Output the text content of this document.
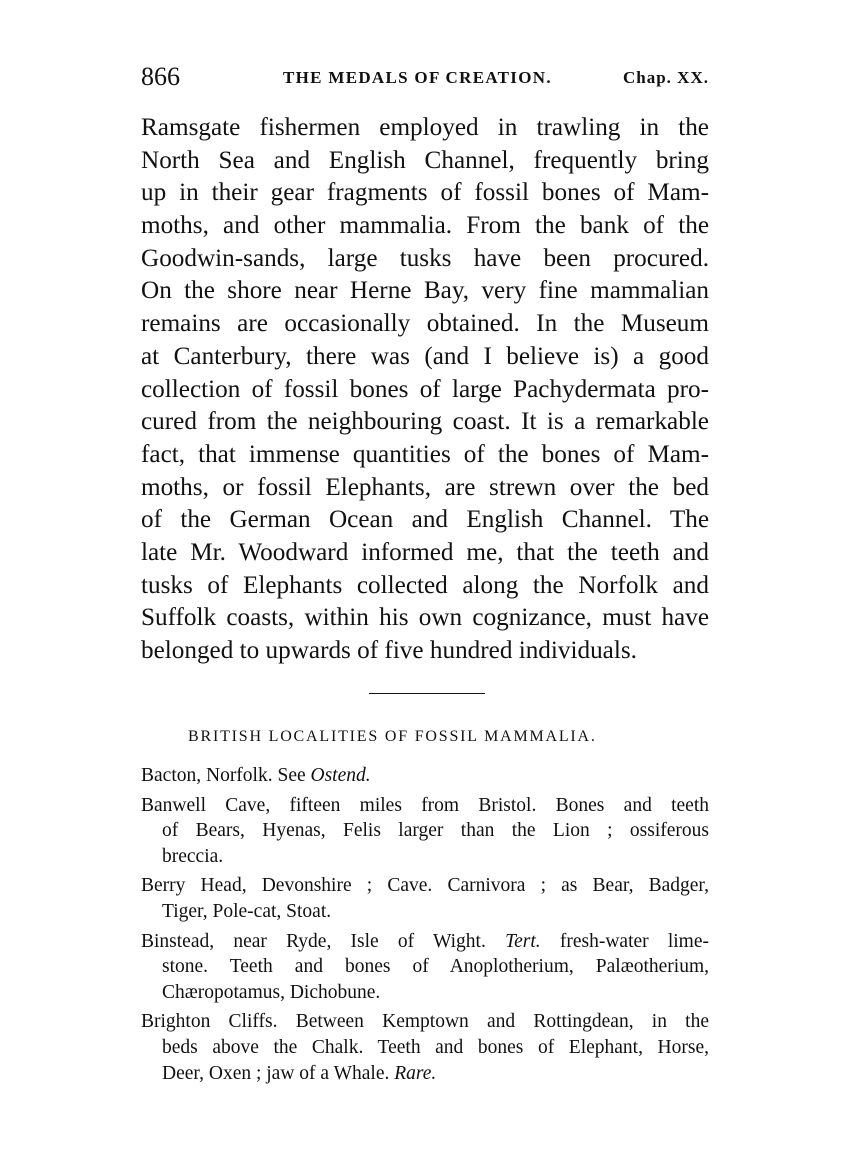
866	THE MEDALS OF CREATION.	Chap. XX.
Ramsgate fishermen employed in trawling in the
North Sea and English Channel, frequently bring
up in their gear fragments of fossil bones of Mam-
moths, and other mammalia. From the bank of the
Goodwin-sands, large tusks have been procured.
On the shore near Herne Bay, very fine mammalian
remains are occasionally obtained. In the Museum
at Canterbury, there was (and I believe is) a good
collection of fossil bones of large Pachydermata pro-
cured from the neighbouring coast. It is a remarkable
fact, that immense quantities of the bones of Mam-
moths, or fossil Elephants, are strewn over the bed
of the German Ocean and English Channel. The
late Mr. Woodward informed me, that the teeth and
tusks of Elephants collected along the Norfolk and
Suffolk coasts, within his own cognizance, must have
belonged to upwards of five hundred individuals.
BRITISH LOCALITIES OF FOSSIL MAMMALIA.
Bacton, Norfolk. See Ostend.
Banwell Cave, fifteen miles from Bristol. Bones and teeth
of Bears, Hyenas, Felis larger than the Lion ; ossiferous
breccia.
Berry Head, Devonshire ; Cave. Carnivora ; as Bear, Badger,
Tiger, Pole-cat, Stoat.
Binstead, near Ryde, Isle of Wight. Tert. fresh-water lime-
stone. Teeth and bones of Anoplotherium, Palæotherium,
Chæropotamus, Dichobune.
Brighton Cliffs. Between Kemptown and Rottingdean, in the
beds above the Chalk. Teeth and bones of Elephant, Horse,
Deer, Oxen ; jaw of a Whale. Rare.
